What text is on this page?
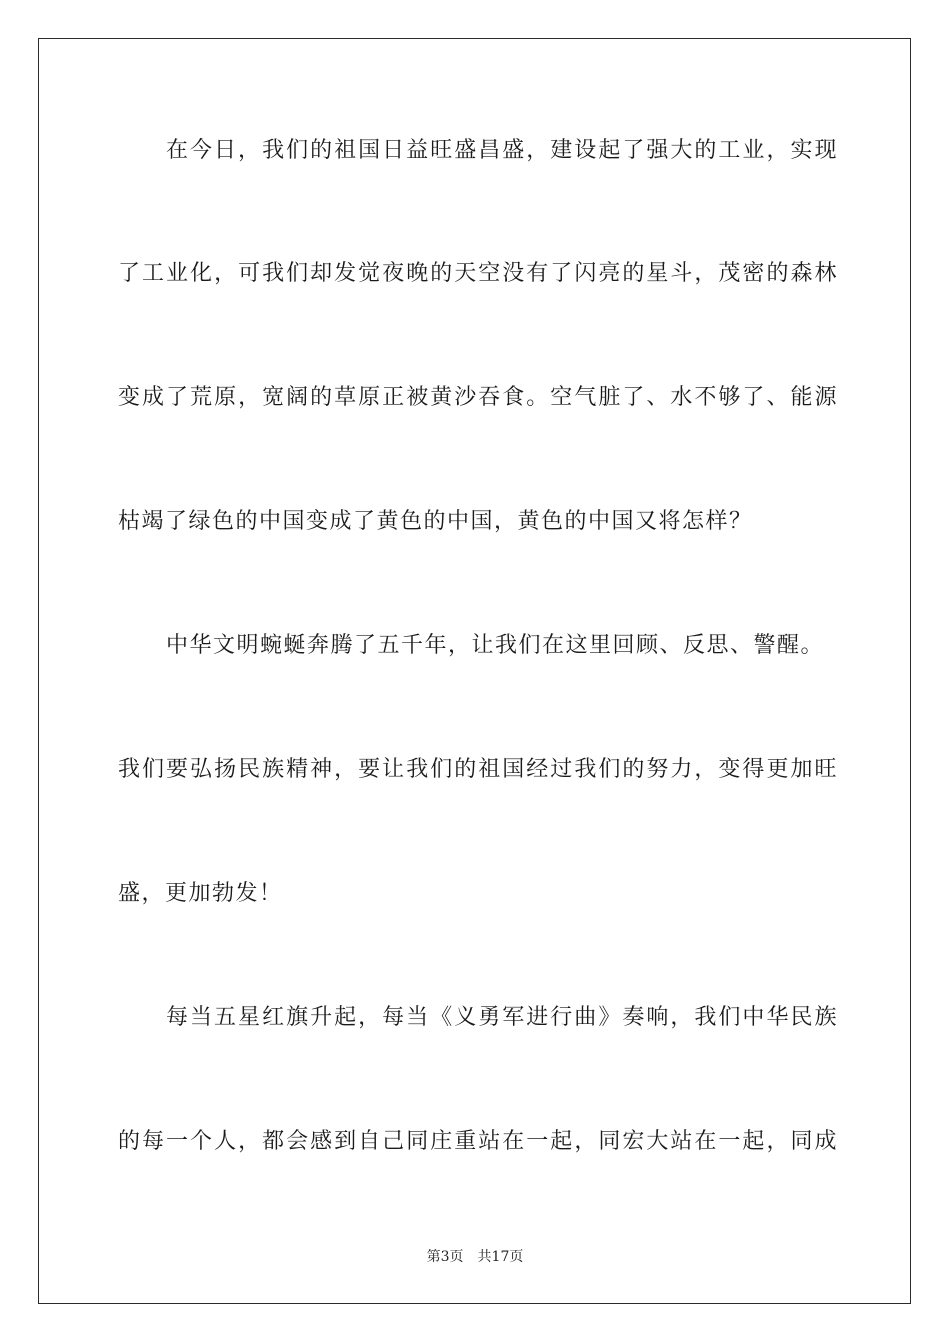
在今日，我们的祖国日益旺盛昌盛，建设起了强大的工业，实现
了工业化，可我们却发觉夜晚的天空没有了闪亮的星斗，茂密的森林
变成了荒原，宽阔的草原正被黄沙吞食。空气脏了、水不够了、能源
枯竭了绿色的中国变成了黄色的中国，黄色的中国又将怎样？
中华文明蜿蜒奔腾了五千年，让我们在这里回顾、反思、警醒。
我们要弘扬民族精神，要让我们的祖国经过我们的努力，变得更加旺
盛，更加勃发！
每当五星红旗升起，每当《义勇军进行曲》奏响，我们中华民族
的每一个人，都会感到自己同庄重站在一起，同宏大站在一起，同成
第3页 共17页
